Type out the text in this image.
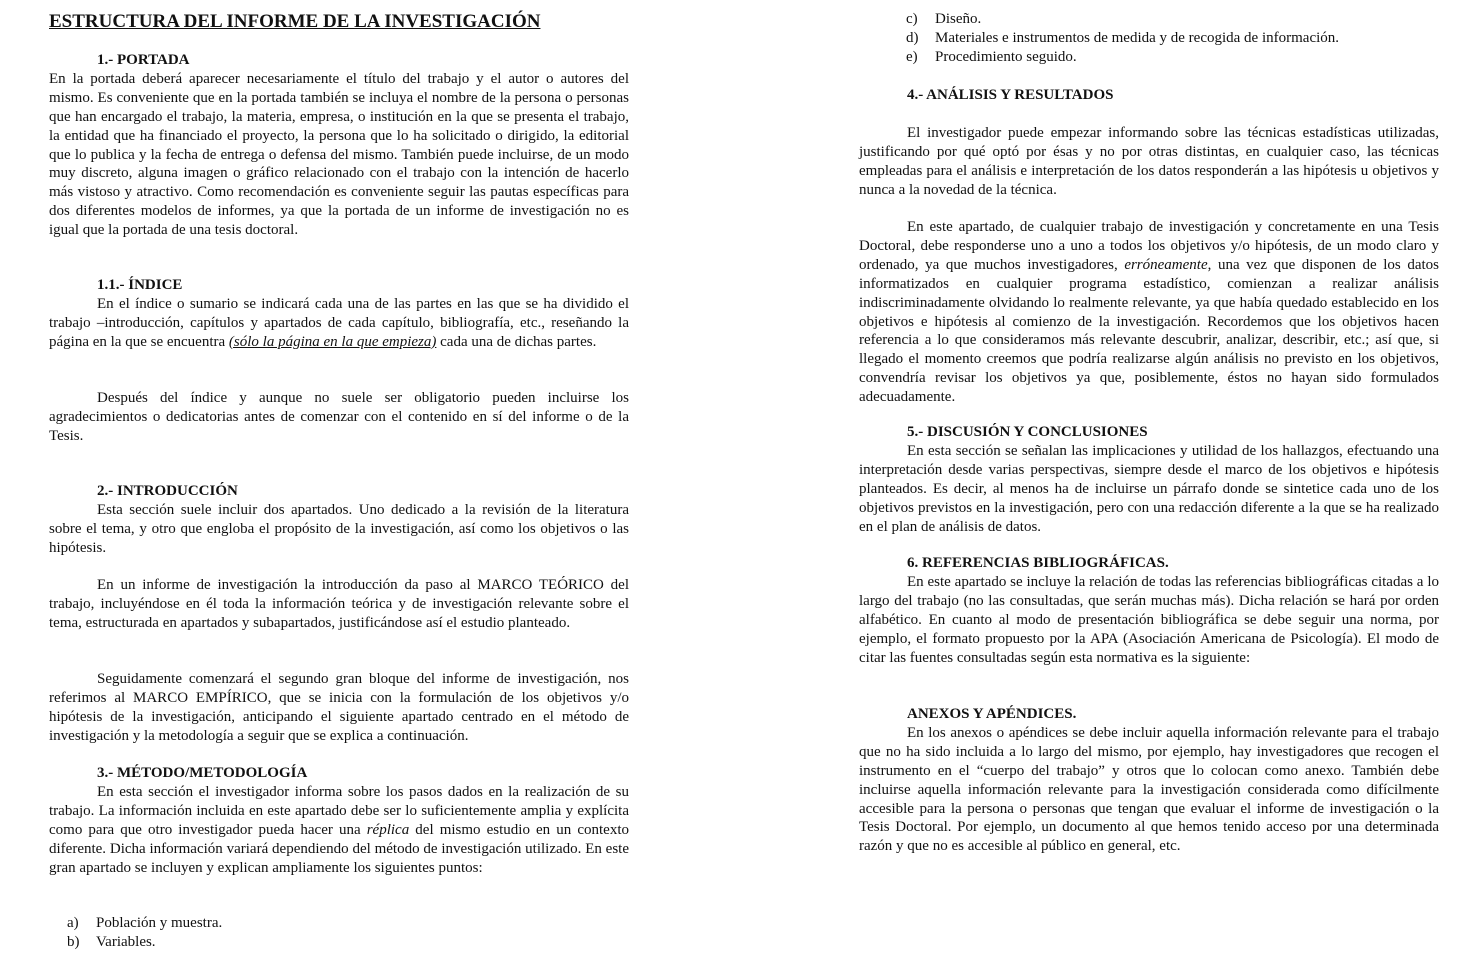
ESTRUCTURA DEL INFORME DE LA INVESTIGACIÓN
1.- PORTADA

En la portada deberá aparecer necesariamente el título del trabajo y el autor o autores del mismo. Es conveniente que en la portada también se incluya el nombre de la persona o personas que han encargado el trabajo, la materia, empresa, o institución en la que se presenta el trabajo, la entidad que ha financiado el proyecto, la persona que lo ha solicitado o dirigido, la editorial que lo publica y la fecha de entrega o defensa del mismo. También puede incluirse, de un modo muy discreto, alguna imagen o gráfico relacionado con el trabajo con la intención de hacerlo más vistoso y atractivo. Como recomendación es conveniente seguir las pautas específicas para dos diferentes modelos de informes, ya que la portada de un informe de investigación no es igual que la portada de una tesis doctoral.

1.1.- ÍNDICE

En el índice o sumario se indicará cada una de las partes en las que se ha dividido el trabajo –introducción, capítulos y apartados de cada capítulo, bibliografía, etc., reseñando la página en la que se encuentra (sólo la página en la que empieza) cada una de dichas partes.

Después del índice y aunque no suele ser obligatorio pueden incluirse los agradecimientos o dedicatorias antes de comenzar con el contenido en sí del informe o de la Tesis.

2.- INTRODUCCIÓN

Esta sección suele incluir dos apartados. Uno dedicado a la revisión de la literatura sobre el tema, y otro que engloba el propósito de la investigación, así como los objetivos o las hipótesis.

En un informe de investigación la introducción da paso al MARCO TEÓRICO del trabajo, incluyéndose en él toda la información teórica y de investigación relevante sobre el tema, estructurada en apartados y subapartados, justificándose así el estudio planteado.

Seguidamente comenzará el segundo gran bloque del informe de investigación, nos referimos al MARCO EMPÍRICO, que se inicia con la formulación de los objetivos y/o hipótesis de la investigación, anticipando el siguiente apartado centrado en el método de investigación y la metodología a seguir que se explica a continuación.

3.- MÉTODO/METODOLOGÍA

En esta sección el investigador informa sobre los pasos dados en la realización de su trabajo. La información incluida en este apartado debe ser lo suficientemente amplia y explícita como para que otro investigador pueda hacer una réplica del mismo estudio en un contexto diferente. Dicha información variará dependiendo del método de investigación utilizado. En este gran apartado se incluyen y explican ampliamente los siguientes puntos:

a) Población y muestra.
b) Variables.
c) Diseño.
d) Materiales e instrumentos de medida y de recogida de información.
e) Procedimiento seguido.
4.- ANÁLISIS Y RESULTADOS

El investigador puede empezar informando sobre las técnicas estadísticas utilizadas, justificando por qué optó por ésas y no por otras distintas, en cualquier caso, las técnicas empleadas para el análisis e interpretación de los datos responderán a las hipótesis u objetivos y nunca a la novedad de la técnica.

En este apartado, de cualquier trabajo de investigación y concretamente en una Tesis Doctoral, debe responderse uno a uno a todos los objetivos y/o hipótesis, de un modo claro y ordenado, ya que muchos investigadores, erróneamente, una vez que disponen de los datos informatizados en cualquier programa estadístico, comienzan a realizar análisis indiscriminadamente olvidando lo realmente relevante, ya que había quedado establecido en los objetivos e hipótesis al comienzo de la investigación. Recordemos que los objetivos hacen referencia a lo que consideramos más relevante descubrir, analizar, describir, etc.; así que, si llegado el momento creemos que podría realizarse algún análisis no previsto en los objetivos, convendría revisar los objetivos ya que, posiblemente, éstos no hayan sido formulados adecuadamente.

5.- DISCUSIÓN Y CONCLUSIONES

En esta sección se señalan las implicaciones y utilidad de los hallazgos, efectuando una interpretación desde varias perspectivas, siempre desde el marco de los objetivos e hipótesis planteados. Es decir, al menos ha de incluirse un párrafo donde se sintetice cada uno de los objetivos previstos en la investigación, pero con una redacción diferente a la que se ha realizado en el plan de análisis de datos.

6. REFERENCIAS BIBLIOGRÁFICAS.

En este apartado se incluye la relación de todas las referencias bibliográficas citadas a lo largo del trabajo (no las consultadas, que serán muchas más). Dicha relación se hará por orden alfabético. En cuanto al modo de presentación bibliográfica se debe seguir una norma, por ejemplo, el formato propuesto por la APA (Asociación Americana de Psicología). El modo de citar las fuentes consultadas según esta normativa es la siguiente:

ANEXOS Y APÉNDICES.

En los anexos o apéndices se debe incluir aquella información relevante para el trabajo que no ha sido incluida a lo largo del mismo, por ejemplo, hay investigadores que recogen el instrumento en el “cuerpo del trabajo” y otros que lo colocan como anexo. También debe incluirse aquella información relevante para la investigación considerada como difícilmente accesible para la persona o personas que tengan que evaluar el informe de investigación o la Tesis Doctoral. Por ejemplo, un documento al que hemos tenido acceso por una determinada razón y que no es accesible al público en general, etc.
